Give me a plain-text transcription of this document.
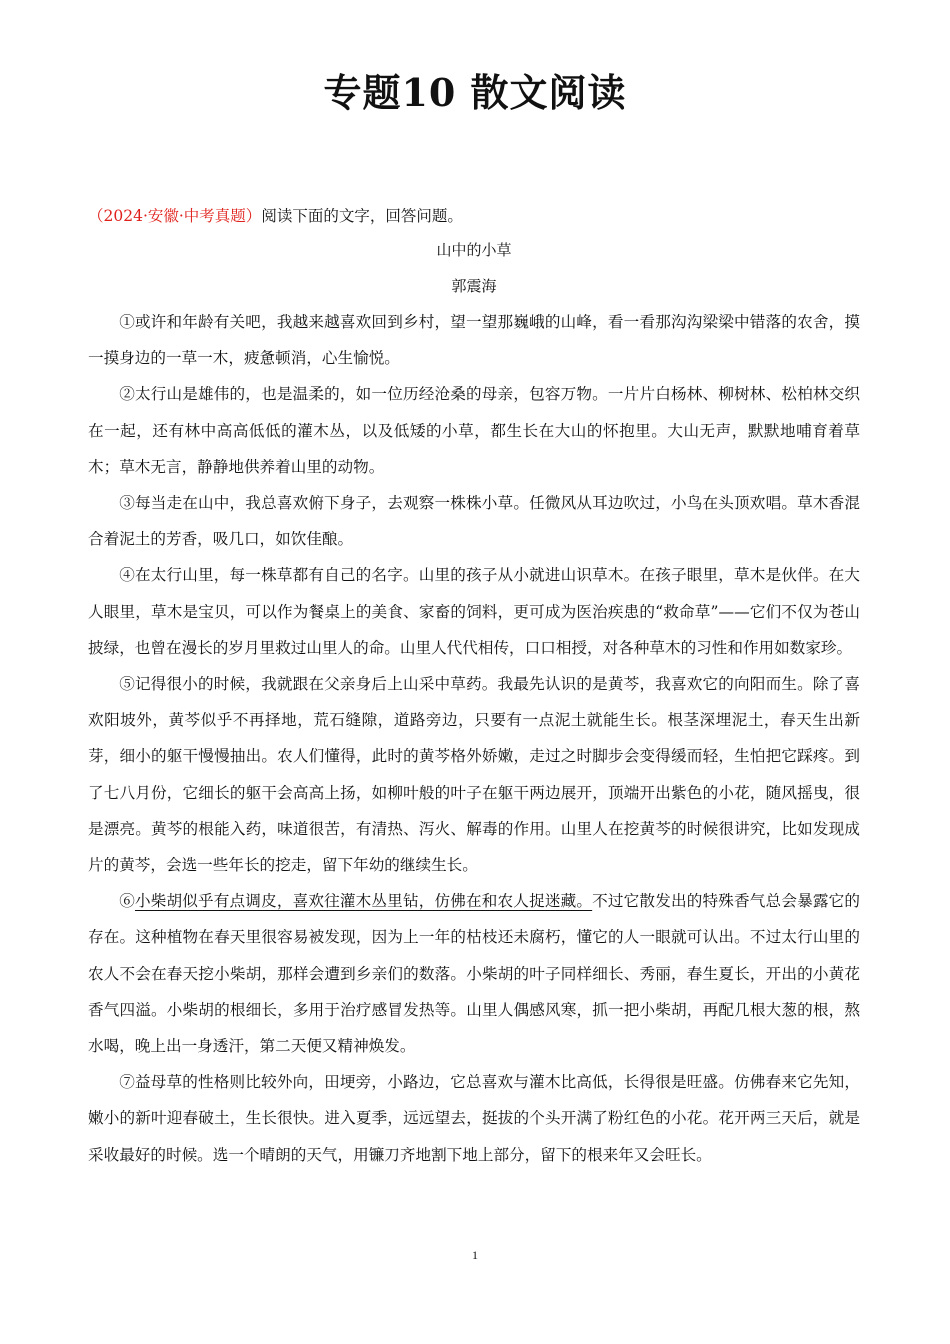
专题10 散文阅读
（2024·安徽·中考真题）阅读下面的文字，回答问题。
山中的小草
郭震海

①或许和年龄有关吧，我越来越喜欢回到乡村，望一望那巍峨的山峰，看一看那沟沟梁梁中错落的农舍，摸一摸身边的一草一木，疲惫顿消，心生愉悦。

②太行山是雄伟的，也是温柔的，如一位历经沧桑的母亲，包容万物。一片片白杨林、柳树林、松柏林交织在一起，还有林中高高低低的灌木丛，以及低矮的小草，都生长在大山的怀抱里。大山无声，默默地哺育着草木；草木无言，静静地供养着山里的动物。

③每当走在山中，我总喜欢俯下身子，去观察一株株小草。任微风从耳边吹过，小鸟在头顶欢唱。草木香混合着泥土的芳香，吸几口，如饮佳酿。

④在太行山里，每一株草都有自己的名字。山里的孩子从小就进山识草木。在孩子眼里，草木是伙伴。在大人眼里，草木是宝贝，可以作为餐桌上的美食、家畜的饲料，更可成为医治疾患的“救命草”——它们不仅为苍山披绿，也曾在漫长的岁月里救过山里人的命。山里人代代相传，口口相授，对各种草木的习性和作用如数家珍。

⑤记得很小的时候，我就跟在父亲身后上山采中草药。我最先认识的是黄芩，我喜欢它的向阳而生。除了喜欢阳坡外，黄芩似乎不再择地，荒石缝隙，道路旁边，只要有一点泥土就能生长。根茎深埋泥土，春天生出新芽，细小的躯干慢慢抽出。农人们懂得，此时的黄芩格外娇嫩，走过之时脚步会变得缓而轻，生怕把它踩疼。到了七八月份，它细长的躯干会高高上扬，如柳叶般的叶子在躯干两边展开，顶端开出紫色的小花，随风摇曳，很是漂亮。黄芩的根能入药，味道很苦，有清热、泻火、解毒的作用。山里人在挖黄芩的时候很讲究，比如发现成片的黄芩，会选一些年长的挖走，留下年幼的继续生长。

⑥小柴胡似乎有点调皮，喜欢往灌木丛里钻，仿佛在和农人捉迷藏。不过它散发出的特殊香气总会暴露它的存在。这种植物在春天里很容易被发现，因为上一年的枯枝还未腐朽，懂它的人一眼就可认出。不过太行山里的农人不会在春天挖小柴胡，那样会遭到乡亲们的数落。小柴胡的叶子同样细长、秀丽，春生夏长，开出的小黄花香气四溢。小柴胡的根细长，多用于治疗感冒发热等。山里人偶感风寒，抓一把小柴胡，再配几根大葱的根，熬水喝，晚上出一身透汗，第二天便又精神焕发。

⑦益母草的性格则比较外向，田埂旁，小路边，它总喜欢与灌木比高低，长得很是旺盛。仿佛春来它先知，嫩小的新叶迎春破土，生长很快。进入夏季，远远望去，挺拔的个头开满了粉红色的小花。花开两三天后，就是采收最好的时候。选一个晴朗的天气，用镰刀齐地割下地上部分，留下的根来年又会旺长。

1
